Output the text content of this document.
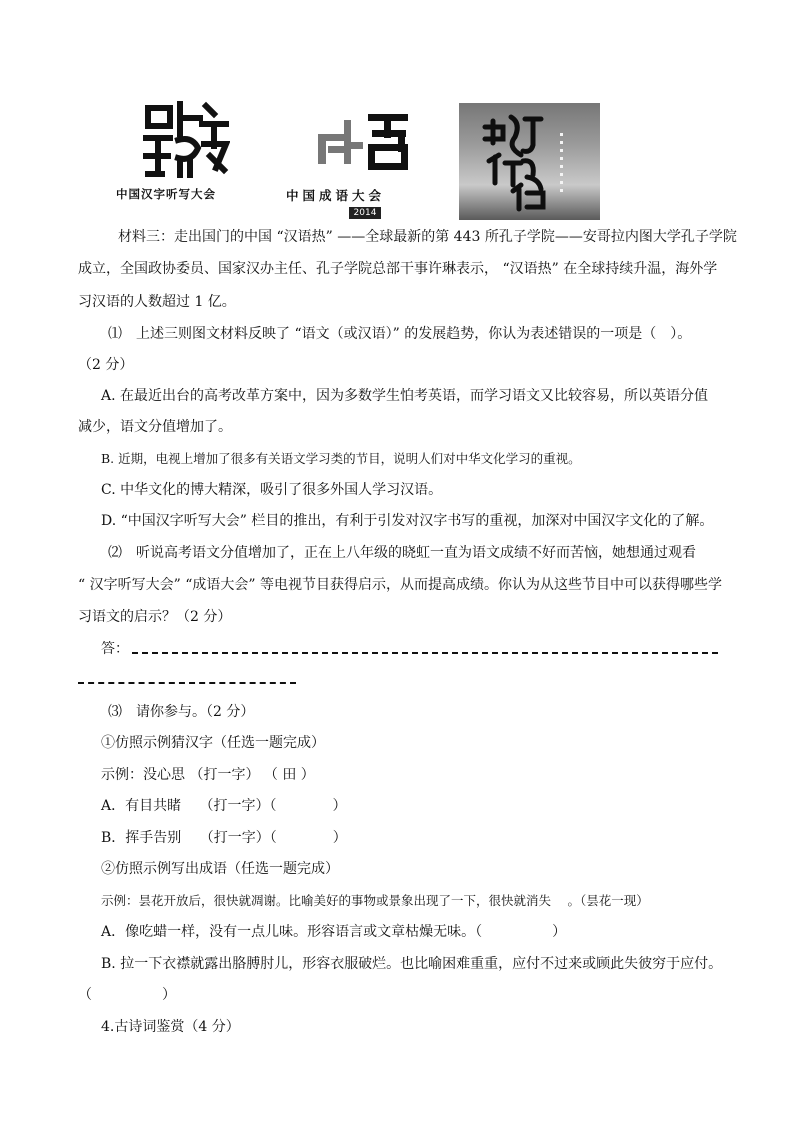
中国汉字听写大会	中国成语大会
2014
材料三：走出国门的中国 “汉语热” ——全球最新的第 443 所孔子学院——安哥拉内图大学孔子学院
成立，全国政协委员、国家汉办主任、孔子学院总部干事许琳表示， “汉语热” 在全球持续升温，海外学
习汉语的人数超过 1 亿。
⑴　上述三则图文材料反映了 “语文（或汉语）” 的发展趋势，你认为表述错误的一项是（　）。
（2 分）
A. 在最近出台的高考改革方案中，因为多数学生怕考英语，而学习语文又比较容易，所以英语分值
减少，语文分值增加了。
B. 近期，电视上增加了很多有关语文学习类的节目，说明人们对中华文化学习的重视。
C. 中华文化的博大精深，吸引了很多外国人学习汉语。
D. “中国汉字听写大会” 栏目的推出，有利于引发对汉字书写的重视，加深对中国汉字文化的了解。
⑵　听说高考语文分值增加了，正在上八年级的晓虹一直为语文成绩不好而苦恼，她想通过观看
“ 汉字听写大会” “成语大会” 等电视节目获得启示，从而提高成绩。你认为从这些节目中可以获得哪些学
习语文的启示？（2 分）
答：
⑶　请你参与。（2 分）
①仿照示例猜汉字（任选一题完成）
示例：没心思 （打一字） （ 田 ）
A．有目共睹　 （打一字）（　　　　）
B．挥手告别　 （打一字）（　　　　）
②仿照示例写出成语（任选一题完成）
示例：昙花开放后，很快就凋谢。比喻美好的事物或景象出现了一下，很快就消失　 。（昙花一现）
A．像吃蜡一样，没有一点儿味。形容语言或文章枯燥无味。（　　　　　）
B. 拉一下衣襟就露出胳膊肘儿，形容衣服破烂。也比喻困难重重，应付不过来或顾此失彼穷于应付。
（　　　　　）
4.古诗词鉴赏（4 分）
